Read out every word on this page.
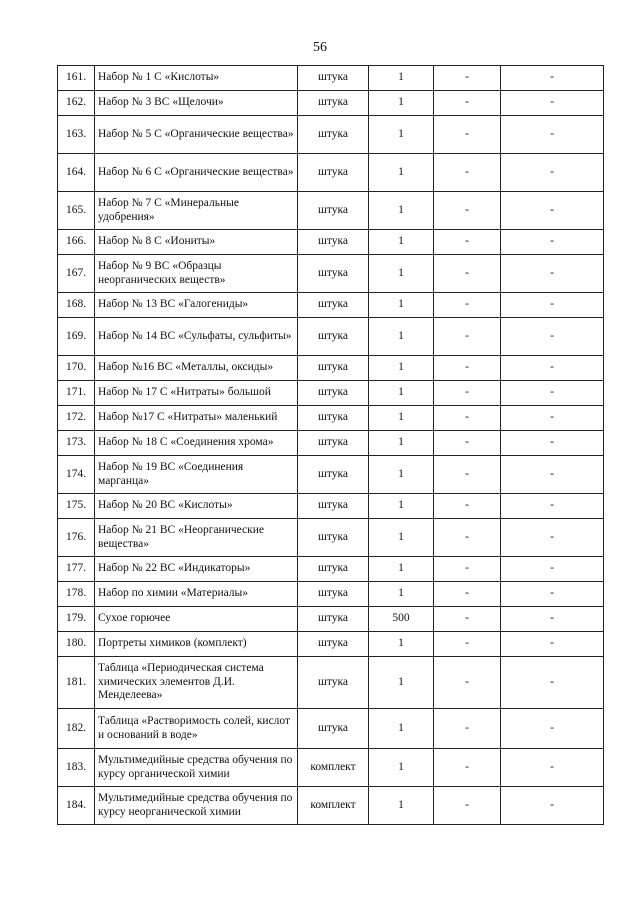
56
161.	Набор № 1 С «Кислоты»	штука	1	-	-
162.	Набор № 3 ВС «Щелочи»	штука	1	-	-
163.	Набор № 5 С «Органические вещества»	штука	1	-	-
164.	Набор № 6 С «Органические вещества»	штука	1	-	-
165.	Набор № 7 С «Минеральные удобрения»	штука	1	-	-
166.	Набор № 8 С «Иониты»	штука	1	-	-
167.	Набор № 9 ВС «Образцы неорганических веществ»	штука	1	-	-
168.	Набор № 13 ВС «Галогениды»	штука	1	-	-
169.	Набор № 14 ВС «Сульфаты, сульфиты»	штука	1	-	-
170.	Набор №16 ВС «Металлы, оксиды»	штука	1	-	-
171.	Набор № 17 С «Нитраты» большой	штука	1	-	-
172.	Набор №17 С «Нитраты» маленький	штука	1	-	-
173.	Набор № 18 С «Соединения хрома»	штука	1	-	-
174.	Набор № 19 ВС «Соединения марганца»	штука	1	-	-
175.	Набор № 20 ВС «Кислоты»	штука	1	-	-
176.	Набор № 21 ВС «Неорганические вещества»	штука	1	-	-
177.	Набор № 22 ВС «Индикаторы»	штука	1	-	-
178.	Набор по химии «Материалы»	штука	1	-	-
179.	Сухое горючее	штука	500	-	-
180.	Портреты химиков (комплект)	штука	1	-	-
181.	Таблица «Периодическая система химических элементов Д.И. Менделеева»	штука	1	-	-
182.	Таблица «Растворимость солей, кислот и оснований в воде»	штука	1	-	-
183.	Мультимедийные средства обучения по курсу органической химии	комплект	1	-	-
184.	Мультимедийные средства обучения по курсу неорганической химии	комплект	1	-	-
